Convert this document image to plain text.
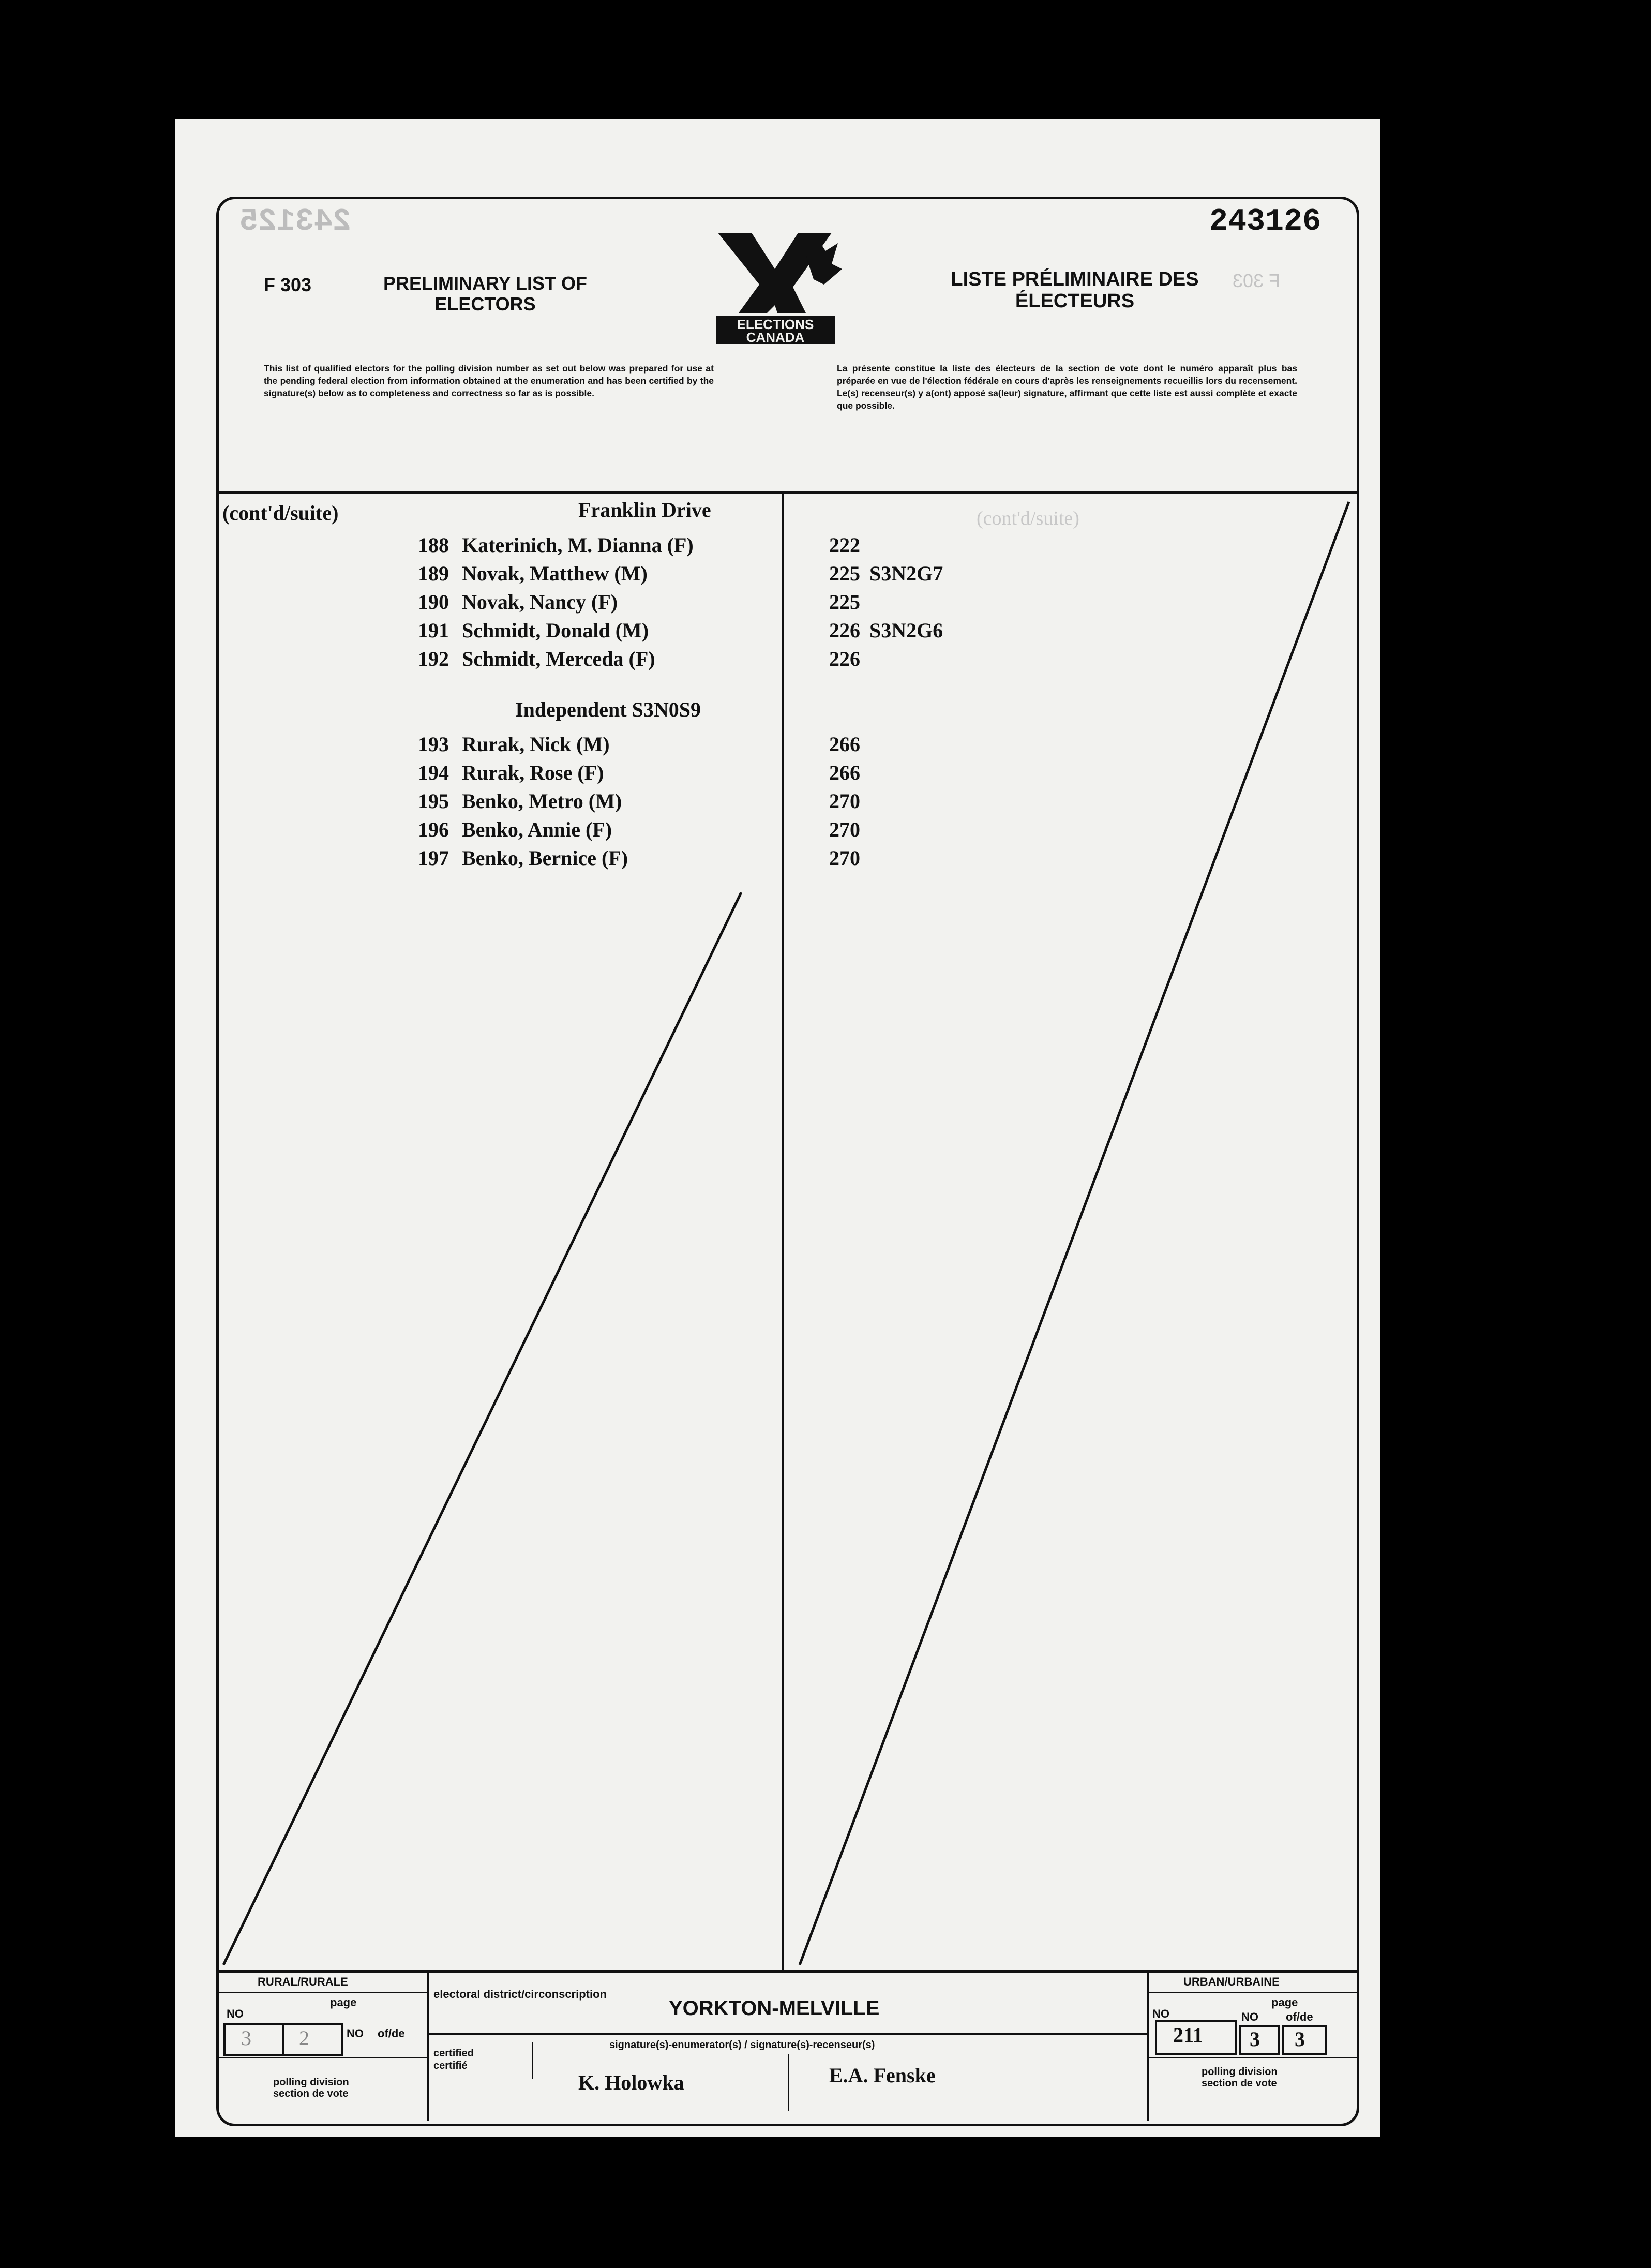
243125	243126
F 303	F 303
PRELIMINARY LIST OF
ELECTORS
LISTE PRÉLIMINAIRE DES
ÉLECTEURS
ELECTIONS
CANADA
This list of qualified electors for the polling division number as set out below was prepared for use at the pending federal election from information obtained at the enumeration and has been certified by the signature(s) below as to completeness and correctness so far as is possible.
La présente constitue la liste des électeurs de la section de vote dont le numéro apparaît plus bas préparée en vue de l'élection fédérale en cours d'après les renseignements recueillis lors du recensement. Le(s) recenseur(s) y a(ont) apposé sa(leur) signature, affirmant que cette liste est aussi complète et exacte que possible.
(cont'd/suite)
(cont'd/suite)	Franklin Drive
188 Katerinich, M. Dianna (F)	222
189 Novak, Matthew (M)	225 S3N2G7
190 Novak, Nancy (F)	225
191 Schmidt, Donald (M)	226 S3N2G6
192 Schmidt, Merceda (F)	226
193 Rurak, Nick (M)	266
194 Rurak, Rose (F)	266
195 Benko, Metro (M)	270
196 Benko, Annie (F)	270
197 Benko, Bernice (F)	270
Independent S3N0S9
RURAL/RURALE
page
NO
3 2	NO of/de
polling division
section de vote
electoral district/circonscription
YORKTON-MELVILLE
certified
certifié
signature(s)-enumerator(s) / signature(s)-recenseur(s)
K. Holowka	E.A. Fenske
URBAN/URBAINE
page
NO
211
NO
3
of/de
3
polling division
section de vote
